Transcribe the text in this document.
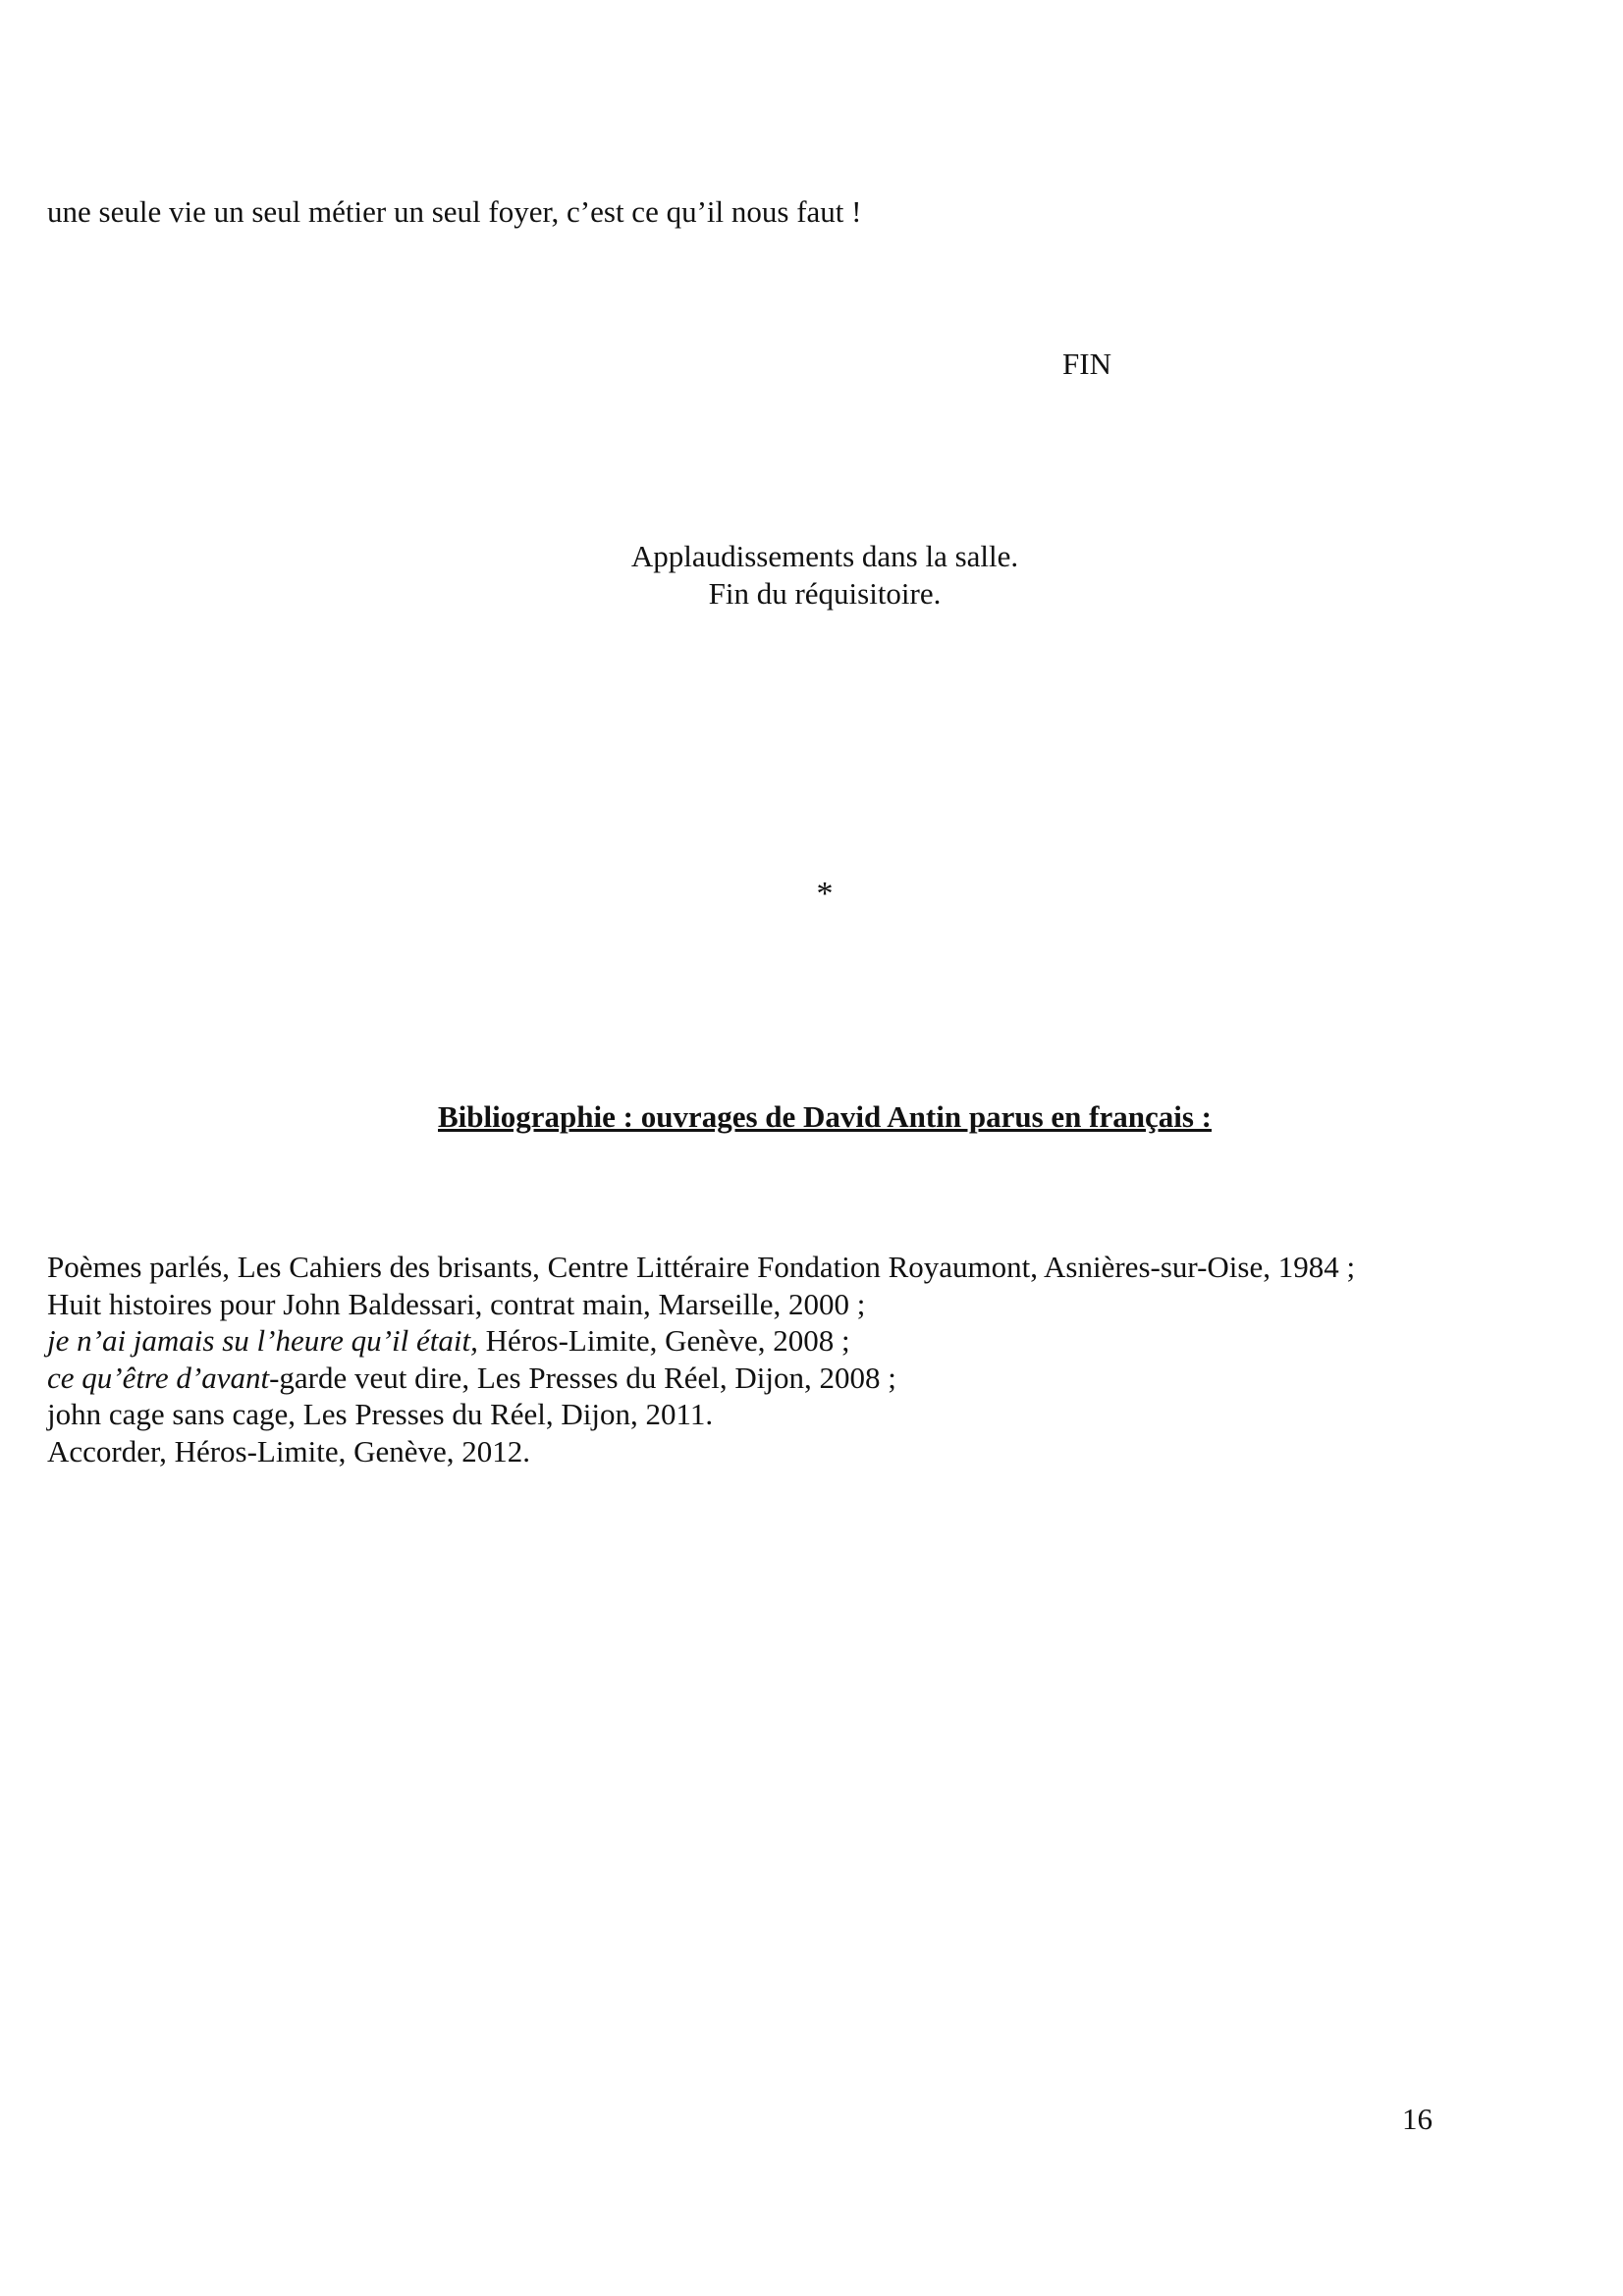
une seule vie un seul métier un seul foyer, c’est ce qu’il nous faut !
FIN
Applaudissements dans la salle.
Fin du réquisitoire.
*
Bibliographie : ouvrages de David Antin parus en français :
Poèmes parlés, Les Cahiers des brisants, Centre Littéraire Fondation Royaumont, Asnières-sur-Oise, 1984 ;
Huit histoires pour John Baldessari, contrat main, Marseille, 2000 ;
je n’ai jamais su l’heure qu’il était, Héros-Limite, Genève, 2008 ;
ce qu’être d’avant-garde veut dire, Les Presses du Réel, Dijon, 2008 ;
john cage sans cage, Les Presses du Réel, Dijon, 2011.
Accorder, Héros-Limite, Genève, 2012.
16
